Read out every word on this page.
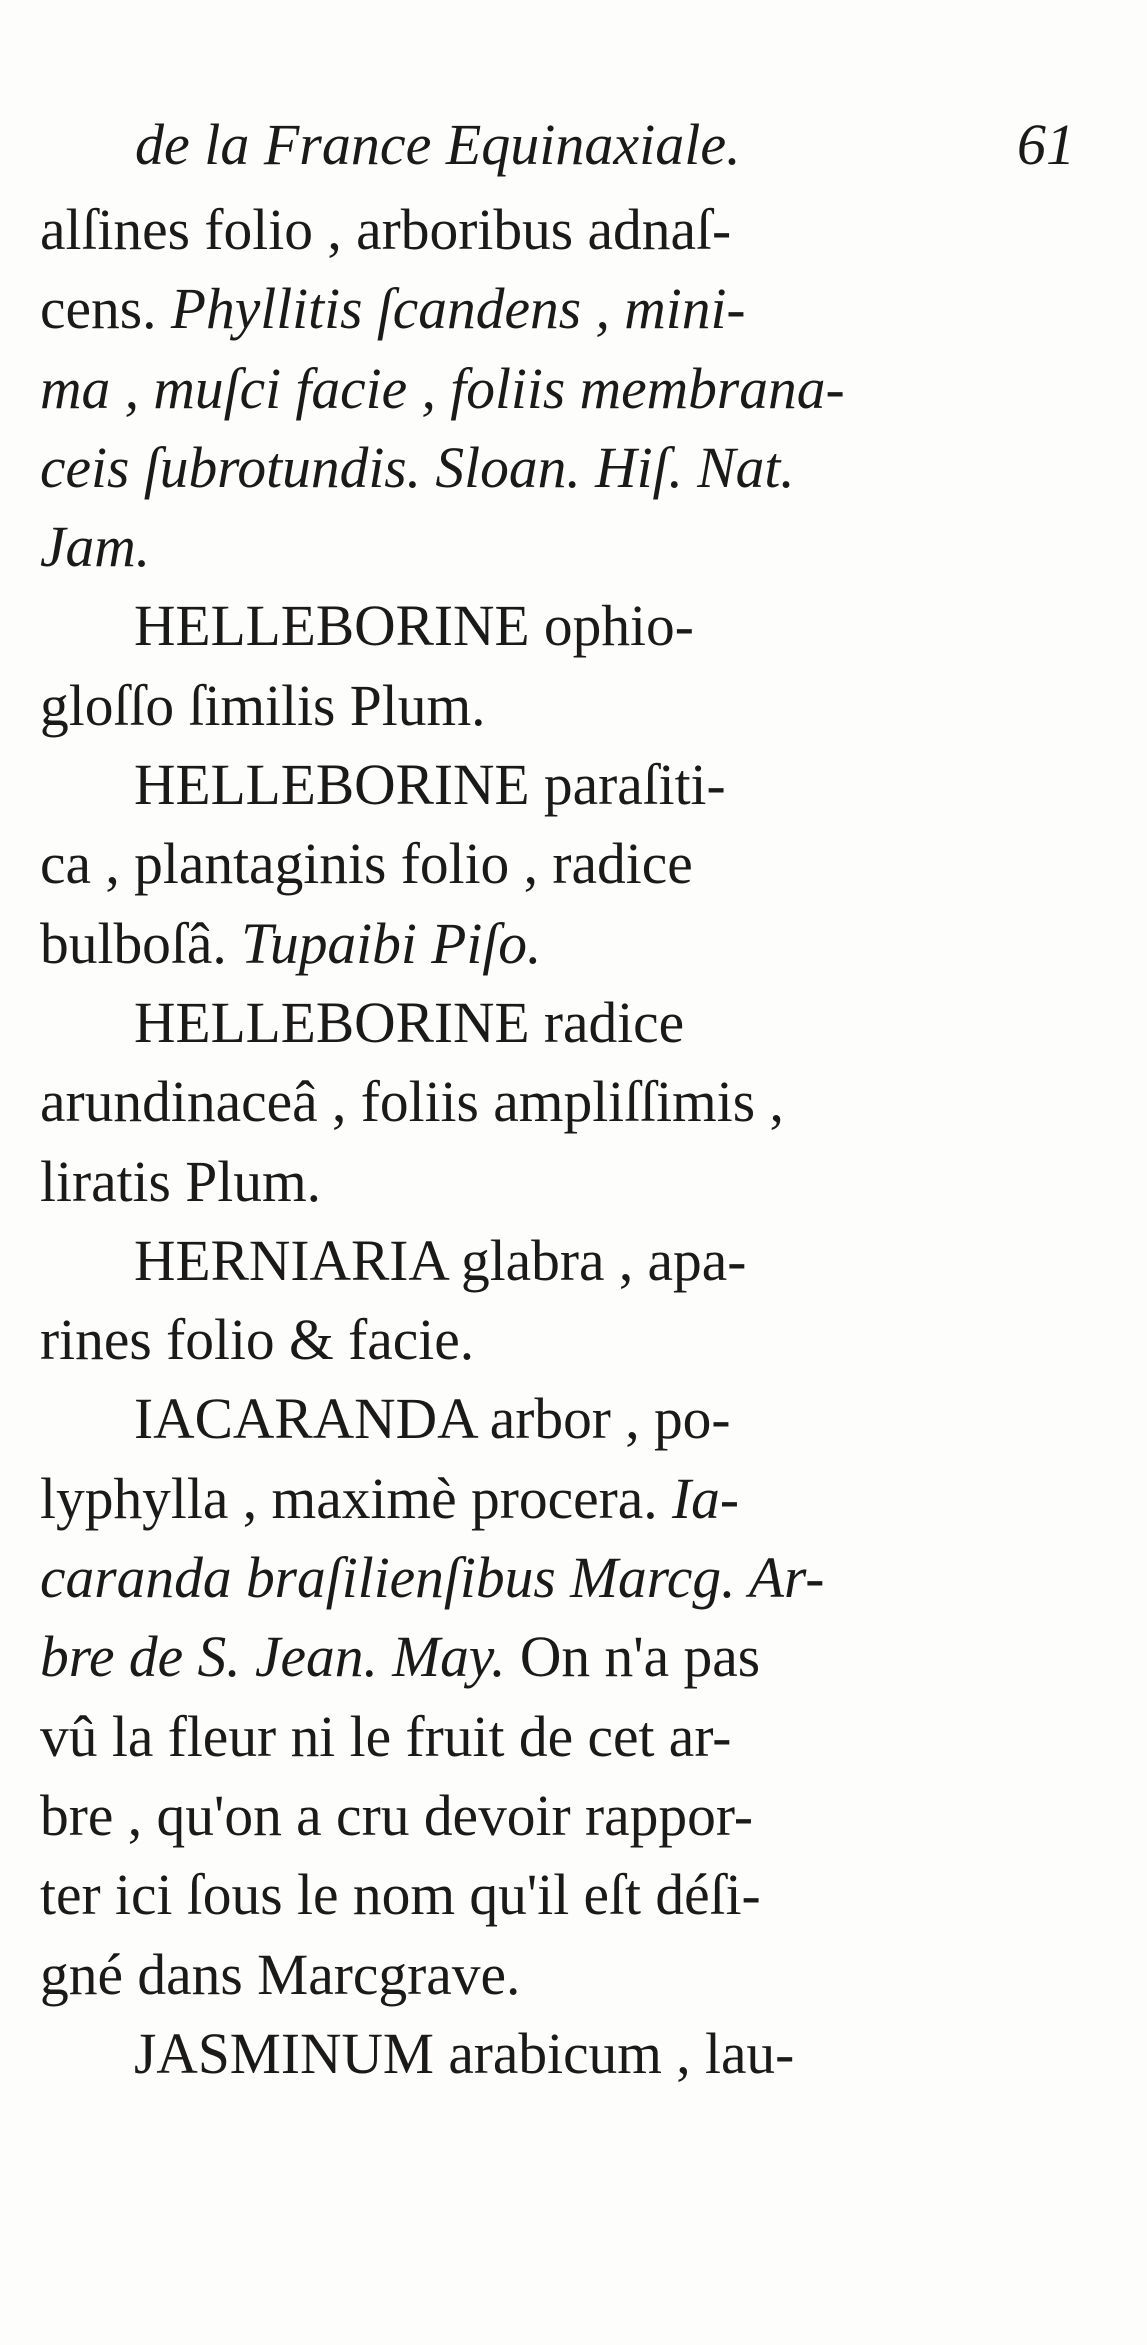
de la France Equinaxiale.	61
alſines folio , arboribus adnaſ-
cens. Phyllitis ſcandens , mini-
ma , muſci facie , foliis membrana-
ceis ſubrotundis. Sloan. Hiſ. Nat.
Jam.
HELLEBORINE ophio-
gloſſo ſimilis Plum.
HELLEBORINE paraſiti-
ca , plantaginis folio , radice
bulboſâ. Tupaibi Piſo.
HELLEBORINE radice
arundinaceâ , foliis ampliſſimis ,
liratis Plum.
HERNIARIA glabra , apa-
rines folio & facie.
IACARANDA arbor , po-
lyphylla , maximè procera. Ia-
caranda braſilienſibus Marcg. Ar-
bre de S. Jean. May. On n'a pas
vû la fleur ni le fruit de cet ar-
bre , qu'on a cru devoir rappor-
ter ici ſous le nom qu'il eſt déſi-
gné dans Marcgrave.
JASMINUM arabicum , lau-
